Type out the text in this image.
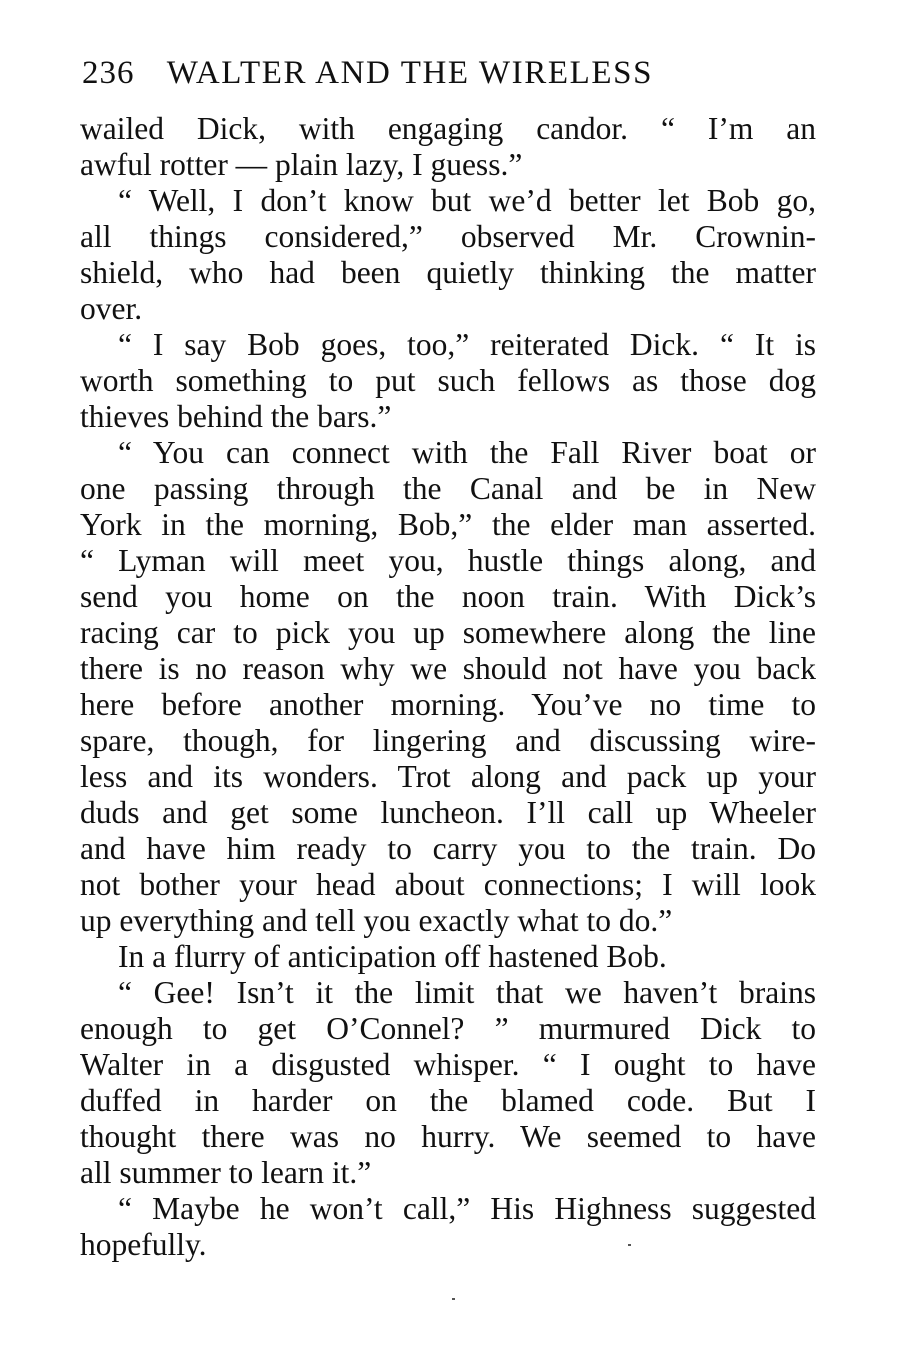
236 WALTER AND THE WIRELESS
wailed Dick, with engaging candor. “ I’m an
awful rotter — plain lazy, I guess.”
“ Well, I don’t know but we’d better let Bob go,
all things considered,” observed Mr. Crownin-
shield, who had been quietly thinking the matter
over.
“ I say Bob goes, too,” reiterated Dick. “ It is
worth something to put such fellows as those dog
thieves behind the bars.”
“ You can connect with the Fall River boat or
one passing through the Canal and be in New
York in the morning, Bob,” the elder man asserted.
“ Lyman will meet you, hustle things along, and
send you home on the noon train. With Dick’s
racing car to pick you up somewhere along the line
there is no reason why we should not have you back
here before another morning. You’ve no time to
spare, though, for lingering and discussing wire-
less and its wonders. Trot along and pack up your
duds and get some luncheon. I’ll call up Wheeler
and have him ready to carry you to the train. Do
not bother your head about connections; I will look
up everything and tell you exactly what to do.”
In a flurry of anticipation off hastened Bob.
“ Gee! Isn’t it the limit that we haven’t brains
enough to get O’Connel? ” murmured Dick to
Walter in a disgusted whisper. “ I ought to have
duffed in harder on the blamed code. But I
thought there was no hurry. We seemed to have
all summer to learn it.”
“ Maybe he won’t call,” His Highness suggested
hopefully.
